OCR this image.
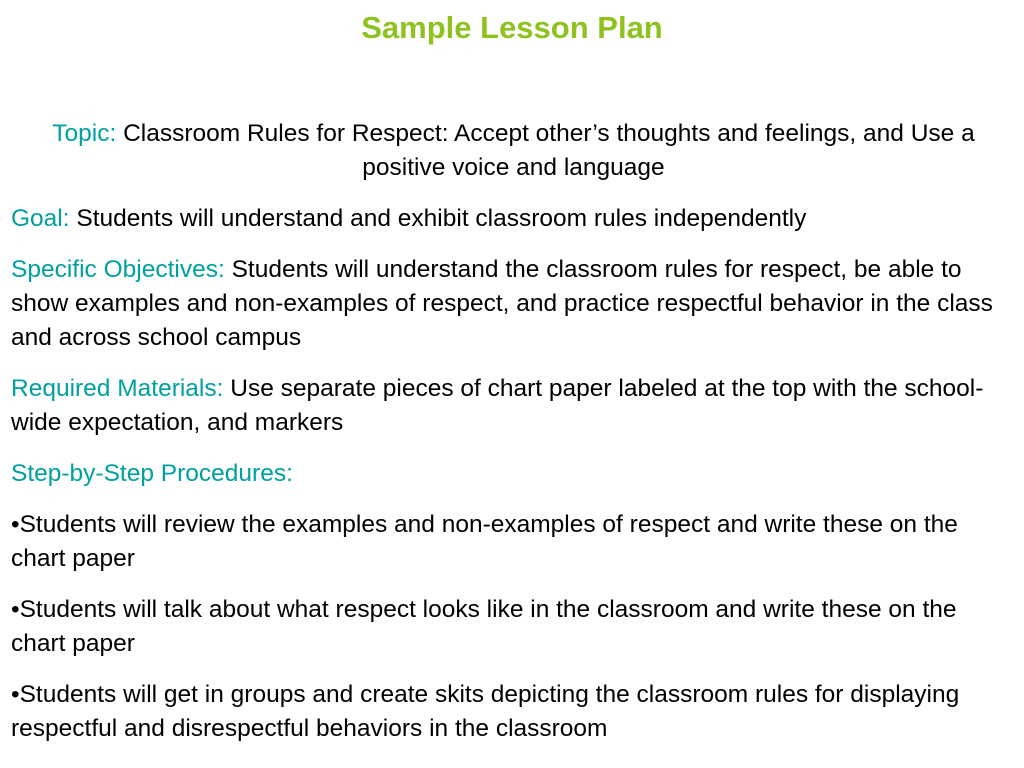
Sample Lesson Plan

Topic: Classroom Rules for Respect: Accept other’s thoughts and feelings, and Use a positive voice and language

Goal: Students will understand and exhibit classroom rules independently

Specific Objectives: Students will understand the classroom rules for respect, be able to show examples and non-examples of respect, and practice respectful behavior in the class and across school campus

Required Materials: Use separate pieces of chart paper labeled at the top with the school-wide expectation, and markers

Step-by-Step Procedures:

•Students will review the examples and non-examples of respect and write these on the chart paper

•Students will talk about what respect looks like in the classroom and write these on the chart paper

•Students will get in groups and create skits depicting the classroom rules for displaying respectful and disrespectful behaviors in the classroom
